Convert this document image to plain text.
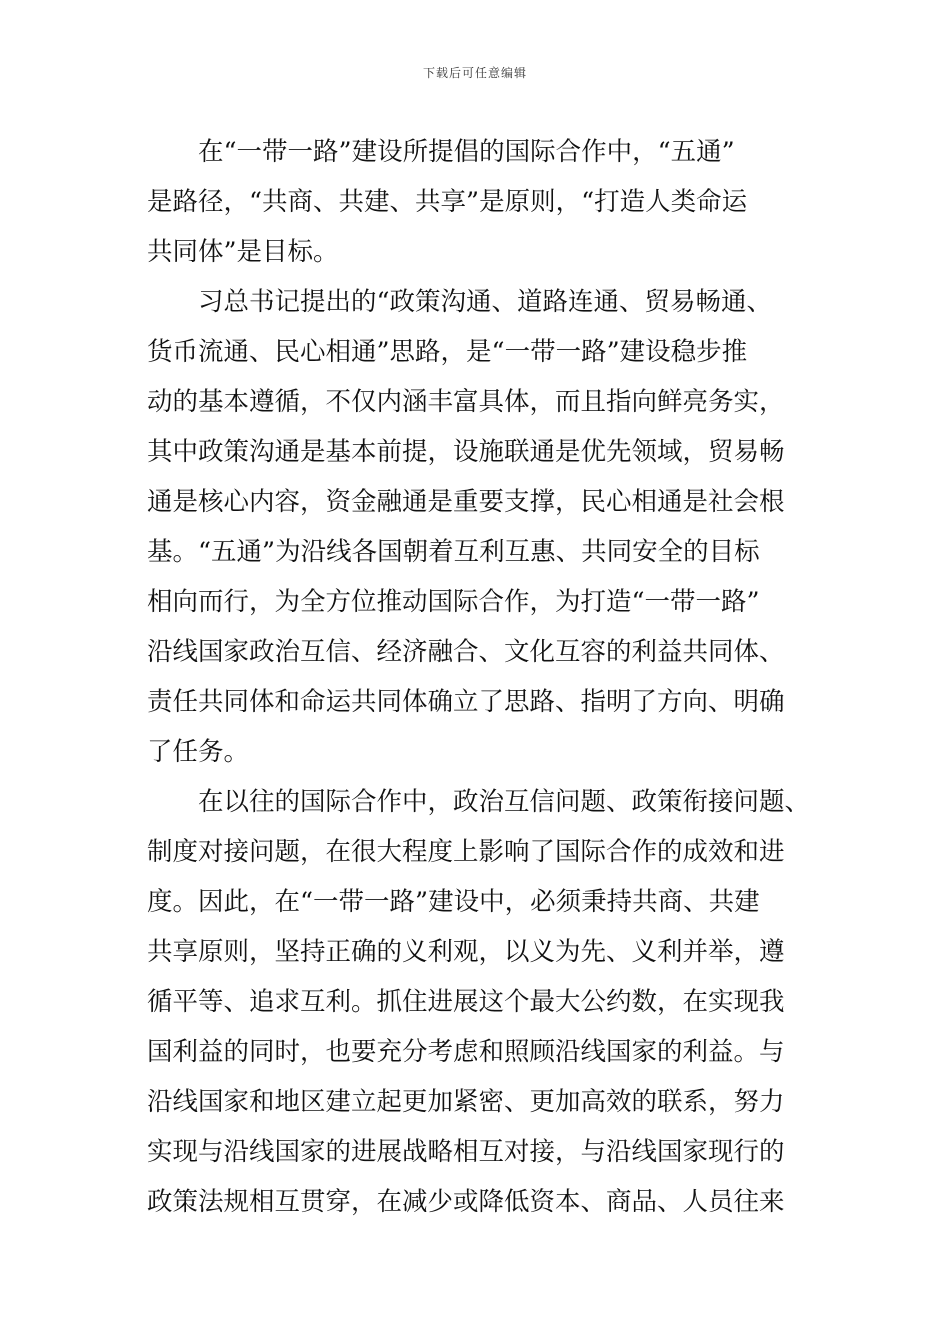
下载后可任意编辑
在“一带一路”建设所提倡的国际合作中，“五通”
是路径，“共商、共建、共享”是原则，“打造人类命运
共同体”是目标。
习总书记提出的“政策沟通、道路连通、贸易畅通、
货币流通、民心相通”思路，是“一带一路”建设稳步推
动的基本遵循，不仅内涵丰富具体，而且指向鲜亮务实，
其中政策沟通是基本前提，设施联通是优先领域，贸易畅
通是核心内容，资金融通是重要支撑，民心相通是社会根
基。“五通”为沿线各国朝着互利互惠、共同安全的目标
相向而行，为全方位推动国际合作，为打造“一带一路”
沿线国家政治互信、经济融合、文化互容的利益共同体、
责任共同体和命运共同体确立了思路、指明了方向、明确
了任务。
在以往的国际合作中，政治互信问题、政策衔接问题、
制度对接问题，在很大程度上影响了国际合作的成效和进
度。因此，在“一带一路”建设中，必须秉持共商、共建
共享原则，坚持正确的义利观，以义为先、义利并举，遵
循平等、追求互利。抓住进展这个最大公约数，在实现我
国利益的同时，也要充分考虑和照顾沿线国家的利益。与
沿线国家和地区建立起更加紧密、更加高效的联系，努力
实现与沿线国家的进展战略相互对接，与沿线国家现行的
政策法规相互贯穿，在减少或降低资本、商品、人员往来
